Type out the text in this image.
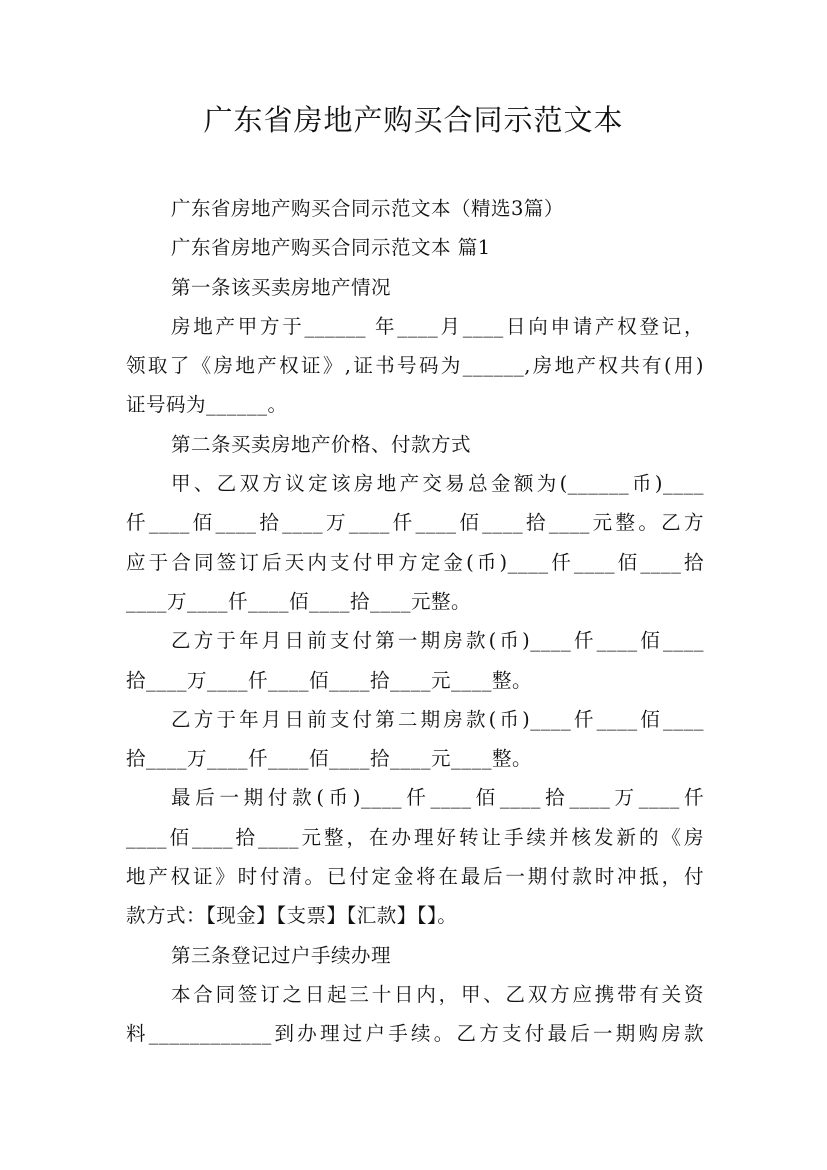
广东省房地产购买合同示范文本
广东省房地产购买合同示范文本（精选3篇）
广东省房地产购买合同示范文本 篇1
第一条该买卖房地产情况
房地产甲方于______ 年____月____日向申请产权登记，
领取了《房地产权证》,证书号码为______,房地产权共有(用)
证号码为______。
第二条买卖房地产价格、付款方式
甲、乙双方议定该房地产交易总金额为(______币)____
仟____佰____拾____万____仟____佰____拾____元整。乙方
应于合同签订后天内支付甲方定金(币)____仟____佰____拾
____万____仟____佰____拾____元整。
乙方于年月日前支付第一期房款(币)____仟____佰____
拾____万____仟____佰____拾____元____整。
乙方于年月日前支付第二期房款(币)____仟____佰____
拾____万____仟____佰____拾____元____整。
最后一期付款(币)____仟____佰____拾____万____仟
____佰____拾____元整，在办理好转让手续并核发新的《房
地产权证》时付清。已付定金将在最后一期付款时冲抵，付
款方式：【现金】【支票】【汇款】【】。
第三条登记过户手续办理
本合同签订之日起三十日内，甲、乙双方应携带有关资
料____________到办理过户手续。乙方支付最后一期购房款
